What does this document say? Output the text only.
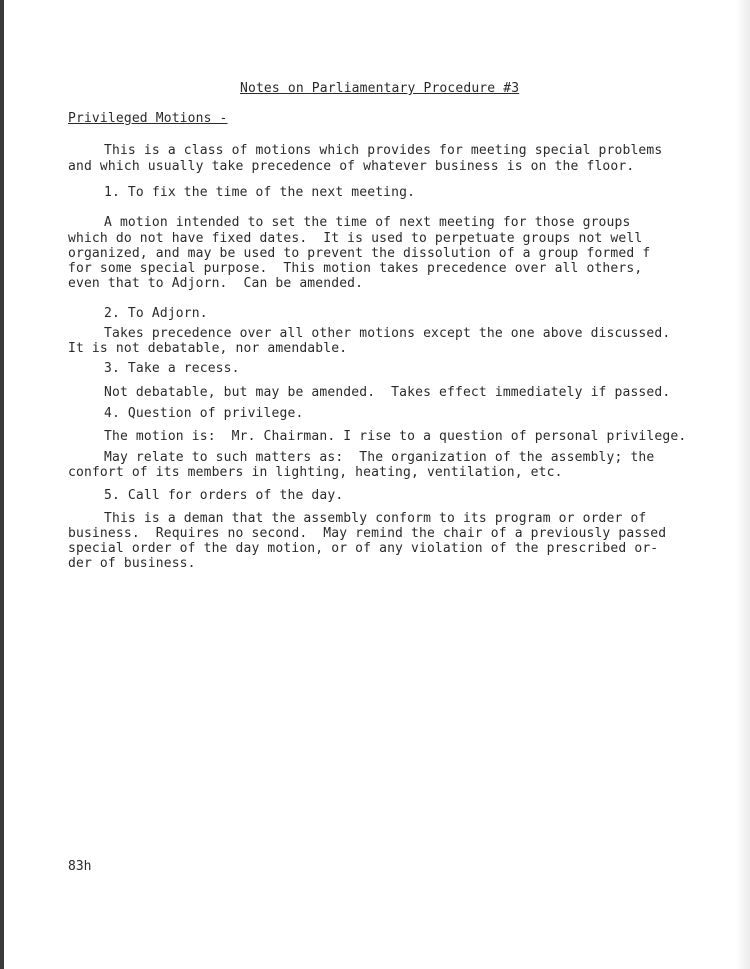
Notes on Parliamentary Procedure #3
Privileged Motions -
This is a class of motions which provides for meeting special problems
and which usually take precedence of whatever business is on the floor.
1. To fix the time of the next meeting.
A motion intended to set the time of next meeting for those groups
which do not have fixed dates.  It is used to perpetuate groups not well
organized, and may be used to prevent the dissolution of a group formed f
for some special purpose.  This motion takes precedence over all others,
even that to Adjorn.  Can be amended.
2. To Adjorn.
Takes precedence over all other motions except the one above discussed.
It is not debatable, nor amendable.
3. Take a recess.
Not debatable, but may be amended.  Takes effect immediately if passed.
4. Question of privilege.
The motion is:  Mr. Chairman. I rise to a question of personal privilege.
May relate to such matters as:  The organization of the assembly; the
confort of its members in lighting, heating, ventilation, etc.
5. Call for orders of the day.
This is a deman that the assembly conform to its program or order of
business.  Requires no second.  May remind the chair of a previously passed
special order of the day motion, or of any violation of the prescribed or-
der of business.
83h
